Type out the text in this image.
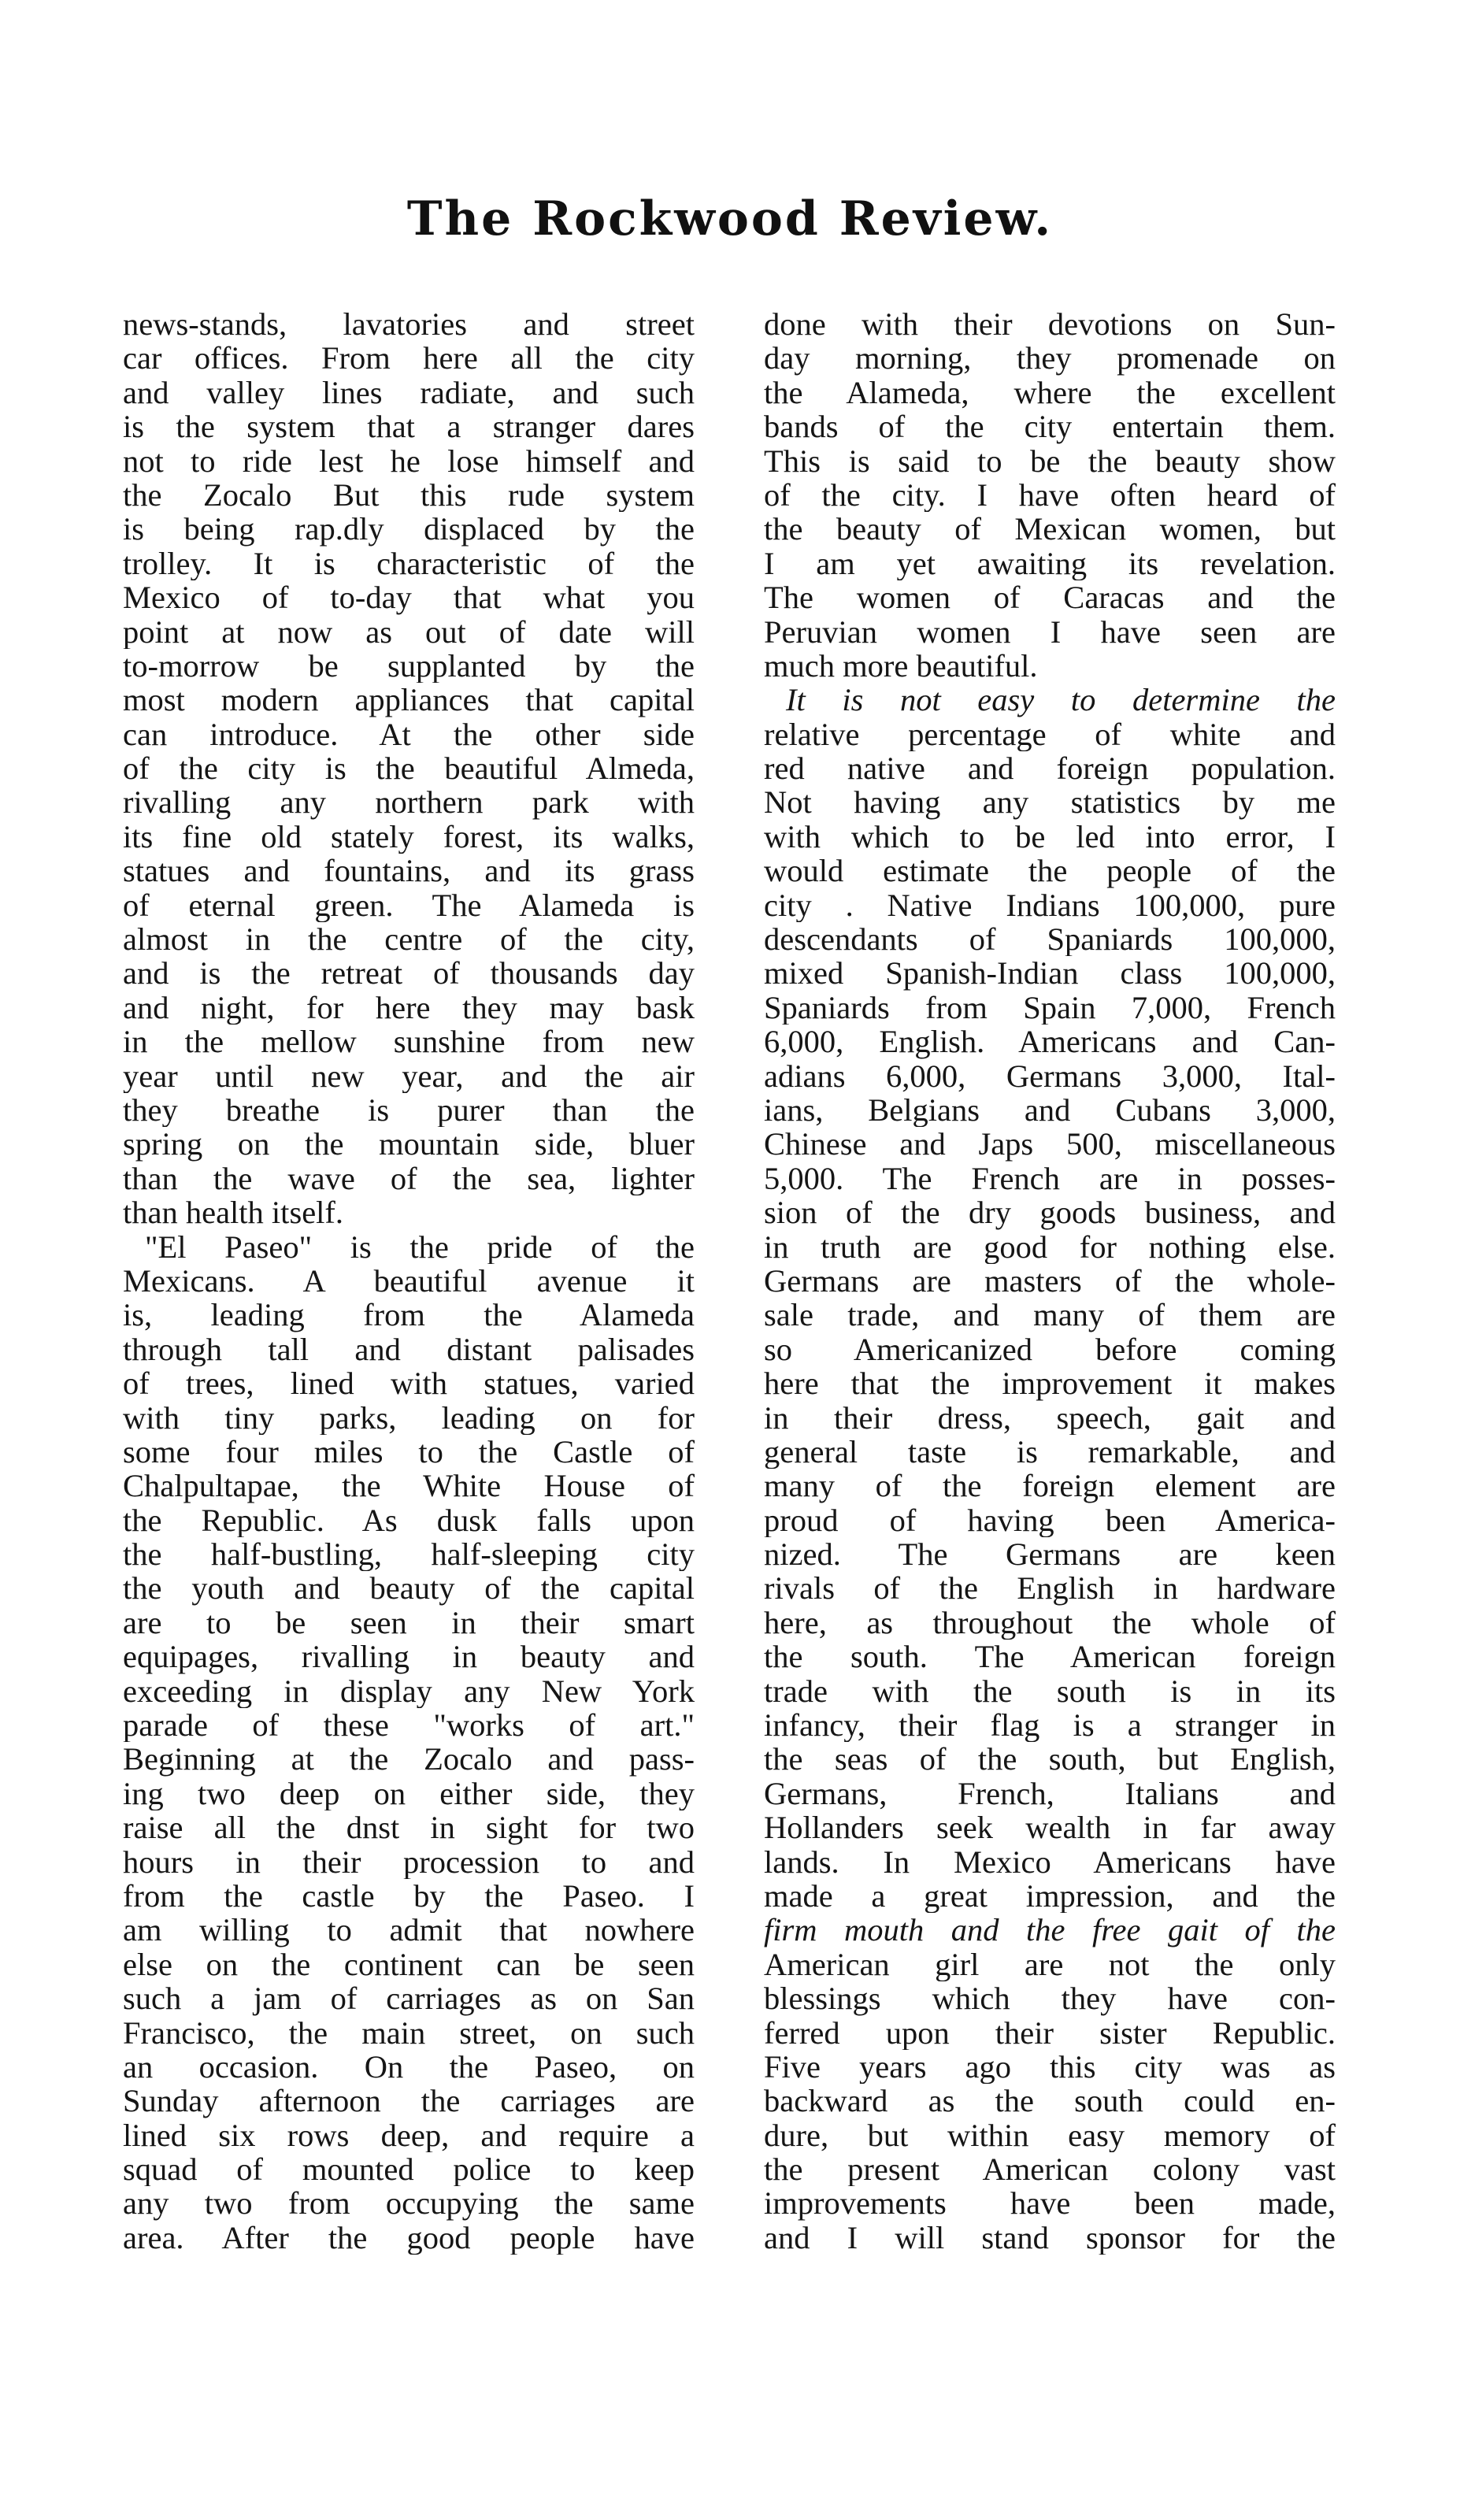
The Rockwood Review.
news-stands, lavatories and street
car offices. From here all the city
and valley lines radiate, and such
is the system that a stranger dares
not to ride lest he lose himself and
the Zocalo But this rude system
is being rap.dly displaced by the
trolley. It is characteristic of the
Mexico of to-day that what you
point at now as out of date will
to-morrow be supplanted by the
most modern appliances that capital
can introduce. At the other side
of the city is the beautiful Almeda,
rivalling any northern park with
its fine old stately forest, its walks,
statues and fountains, and its grass
of eternal green. The Alameda is
almost in the centre of the city,
and is the retreat of thousands day
and night, for here they may bask
in the mellow sunshine from new
year until new year, and the air
they breathe is purer than the
spring on the mountain side, bluer
than the wave of the sea, lighter
than health itself.
"El Paseo" is the pride of the
Mexicans. A beautiful avenue it
is, leading from the Alameda
through tall and distant palisades
of trees, lined with statues, varied
with tiny parks, leading on for
some four miles to the Castle of
Chalpultapae, the White House of
the Republic. As dusk falls upon
the half-bustling, half-sleeping city
the youth and beauty of the capital
are to be seen in their smart
equipages, rivalling in beauty and
exceeding in display any New York
parade of these "works of art."
Beginning at the Zocalo and pass-
ing two deep on either side, they
raise all the dnst in sight for two
hours in their procession to and
from the castle by the Paseo. I
am willing to admit that nowhere
else on the continent can be seen
such a jam of carriages as on San
Francisco, the main street, on such
an occasion. On the Paseo, on
Sunday afternoon the carriages are
lined six rows deep, and require a
squad of mounted police to keep
any two from occupying the same
area. After the good people have
done with their devotions on Sun-
day morning, they promenade on
the Alameda, where the excellent
bands of the city entertain them.
This is said to be the beauty show
of the city. I have often heard of
the beauty of Mexican women, but
I am yet awaiting its revelation.
The women of Caracas and the
Peruvian women I have seen are
much more beautiful.
It is not easy to determine the
relative percentage of white and
red native and foreign population.
Not having any statistics by me
with which to be led into error, I
would estimate the people of the
city . Native Indians 100,000, pure
descendants of Spaniards 100,000,
mixed Spanish-Indian class 100,000,
Spaniards from Spain 7,000, French
6,000, English. Americans and Can-
adians 6,000, Germans 3,000, Ital-
ians, Belgians and Cubans 3,000,
Chinese and Japs 500, miscellaneous
5,000. The French are in posses-
sion of the dry goods business, and
in truth are good for nothing else.
Germans are masters of the whole-
sale trade, and many of them are
so Americanized before coming
here that the improvement it makes
in their dress, speech, gait and
general taste is remarkable, and
many of the foreign element are
proud of having been America-
nized. The Germans are keen
rivals of the English in hardware
here, as throughout the whole of
the south. The American foreign
trade with the south is in its
infancy, their flag is a stranger in
the seas of the south, but English,
Germans, French, Italians and
Hollanders seek wealth in far away
lands. In Mexico Americans have
made a great impression, and the
firm mouth and the free gait of the
American girl are not the only
blessings which they have con-
ferred upon their sister Republic.
Five years ago this city was as
backward as the south could en-
dure, but within easy memory of
the present American colony vast
improvements have been made,
and I will stand sponsor for the
